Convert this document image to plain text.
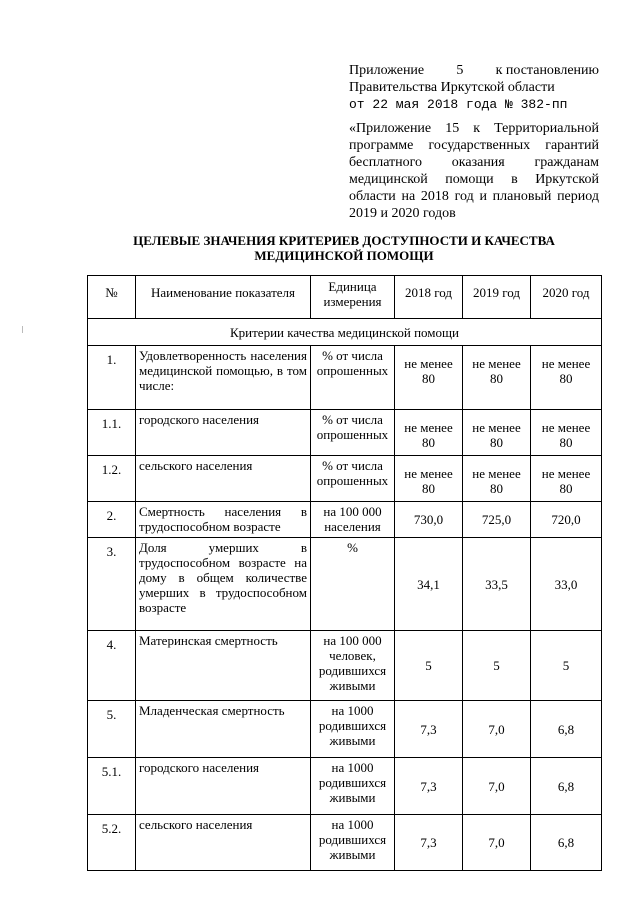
Приложение 5 к постановлению
Правительства Иркутской области
от 22 мая 2018 года № 382-пп
«Приложение 15 к Территориальной программе государственных гарантий бесплатного оказания гражданам медицинской помощи в Иркутской области на 2018 год и плановый период 2019 и 2020 годов
ЦЕЛЕВЫЕ ЗНАЧЕНИЯ КРИТЕРИЕВ ДОСТУПНОСТИ И КАЧЕСТВА
МЕДИЦИНСКОЙ ПОМОЩИ
№	Наименование показателя	Единица измерения	2018 год	2019 год	2020 год
Критерии качества медицинской помощи					
1.	Удовлетворенность населения медицинской помощью, в том числе:	% от числа опрошенных	не менее 80	не менее 80	не менее 80
1.1.	городского населения	% от числа опрошенных	не менее 80	не менее 80	не менее 80
1.2.	сельского населения	% от числа опрошенных	не менее 80	не менее 80	не менее 80
2.	Смертность населения в трудоспособном возрасте	на 100 000 населения	730,0	725,0	720,0
3.	Доля умерших в трудоспособном возрасте на дому в общем количестве умерших в трудоспособном возрасте	%	34,1	33,5	33,0
4.	Материнская смертность	на 100 000 человек, родившихся живыми	5	5	5
5.	Младенческая смертность	на 1000 родившихся живыми	7,3	7,0	6,8
5.1.	городского населения	на 1000 родившихся живыми	7,3	7,0	6,8
5.2.	сельского населения	на 1000 родившихся живыми	7,3	7,0	6,8
